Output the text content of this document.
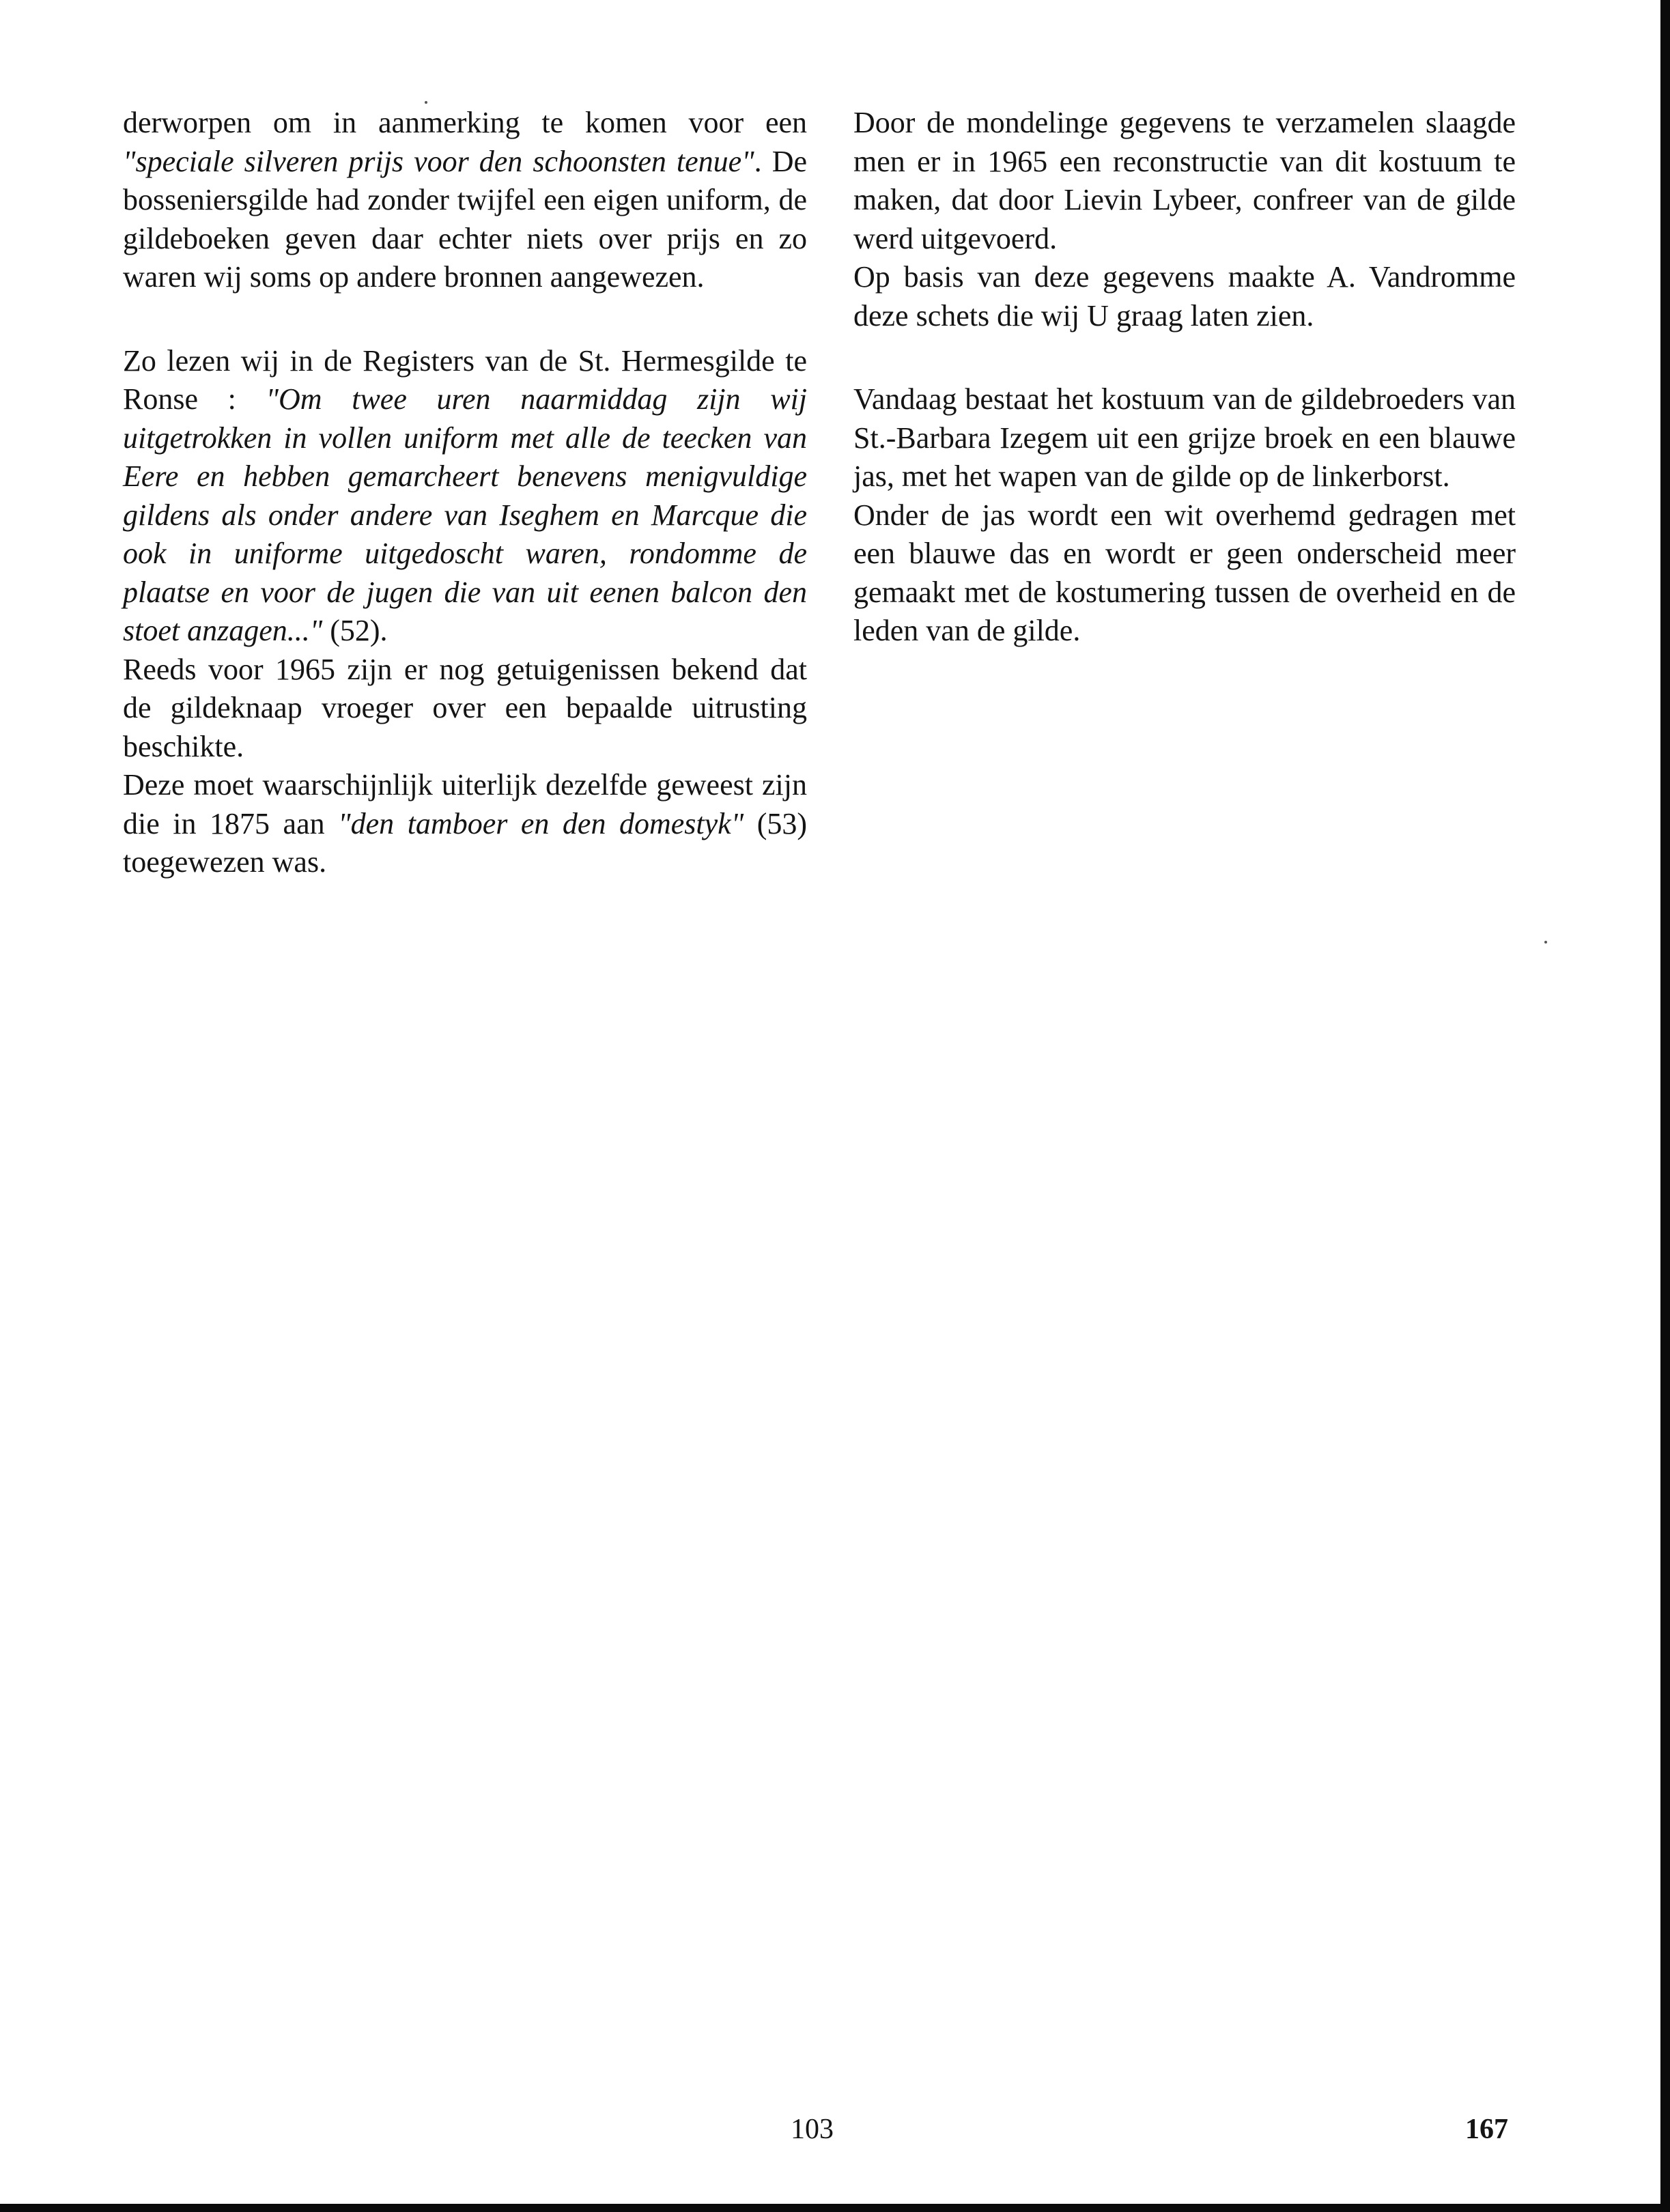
derworpen om in aanmerking te komen voor een "speciale silveren prijs voor den schoonsten tenue". De bosseniersgilde had zonder twijfel een eigen uniform, de gildeboeken geven daar echter niets over prijs en zo waren wij soms op andere bronnen aangewezen.

Zo lezen wij in de Registers van de St. Hermesgilde te Ronse : "Om twee uren naarmiddag zijn wij uitgetrokken in vollen uniform met alle de teecken van Eere en hebben gemarcheert benevens menigvuldige gildens als onder andere van Iseghem en Marcque die ook in uniforme uitgedoscht waren, rondomme de plaatse en voor de jugen die van uit eenen balcon den stoet anzagen..." (52).

Reeds voor 1965 zijn er nog getuigenissen bekend dat de gildeknaap vroeger over een bepaalde uitrusting beschikte.

Deze moet waarschijnlijk uiterlijk dezelfde geweest zijn die in 1875 aan "den tamboer en den domestyk" (53) toegewezen was.

Door de mondelinge gegevens te verzamelen slaagde men er in 1965 een reconstructie van dit kostuum te maken, dat door Lievin Lybeer, confreer van de gilde werd uitgevoerd.

Op basis van deze gegevens maakte A. Vandromme deze schets die wij U graag laten zien.

Vandaag bestaat het kostuum van de gildebroeders van St.-Barbara Izegem uit een grijze broek en een blauwe jas, met het wapen van de gilde op de linkerborst.

Onder de jas wordt een wit overhemd gedragen met een blauwe das en wordt er geen onderscheid meer gemaakt met de kostumering tussen de overheid en de leden van de gilde.

103	167
